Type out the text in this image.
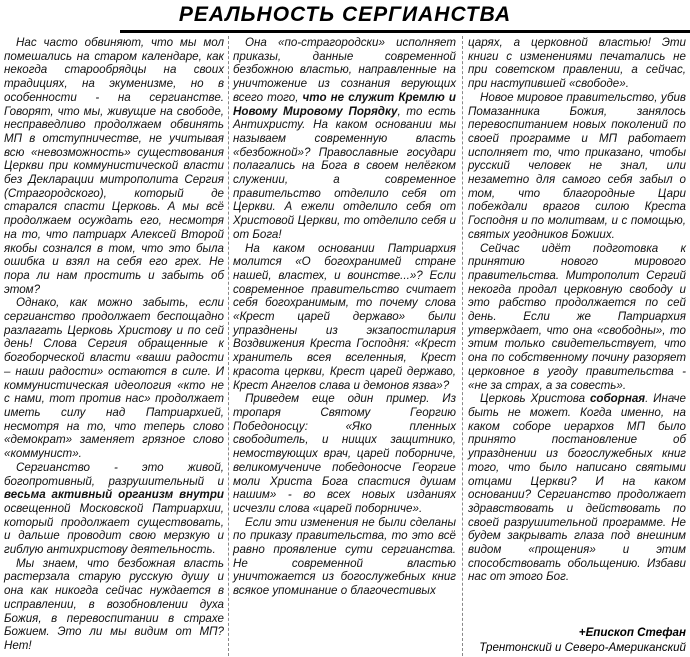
РЕАЛЬНОСТЬ СЕРГИАНСТВА

Нас часто обвиняют, что мы мол помешались на старом календаре, как некогда старообрядцы на своих традициях, на экуменизме, но в особенности - на сергианстве. Говорят, что мы, живущие на свободе, несправедливо продолжаем обвинять МП в отступничестве, не учитывая всю «невозможность» существования Церкви при коммунистической власти без Декларации митрополита Сергия (Страгородского), который де старался спасти Церковь. А мы всё продолжаем осуждать его, несмотря на то, что патриарх Алексей Второй якобы сознался в том, что это была ошибка и взял на себя его грех. Не пора ли нам простить и забыть об этом?

Однако, как можно забыть, если сергианство продолжает беспощадно разлагать Церковь Христову и по сей день! Слова Сергия обращенные к богоборческой власти «ваши радости – наши радости» остаются в силе. И коммунистическая идеология «кто не с нами, тот против нас» продолжает иметь силу над Патриархией, несмотря на то, что теперь слово «демократ» заменяет грязное слово «коммунист».

Сергианство - это живой, богопротивный, разрушительный и весьма активный организм внутри освещенной Московской Патриархии, который продолжает существовать, и дальше проводит свою мерзкую и гиблую антихристову деятельность.

Мы знаем, что безбожная власть растерзала старую русскую душу и она как никогда сейчас нуждается в исправлении, в возобновлении духа Божия, в перевоспитании в страхе Божием. Это ли мы видим от МП? Нет!

Она «по-страгородски» исполняет приказы, данные современной безбожною властью, направленные на уничтожение из сознания верующих всего того, что не служит Кремлю и Новому Мировому Порядку, то есть Антихристу. На каком основании мы называем современную власть «безбожной»? Православные государи полагались на Бога в своем нелёгком служении, а современное правительство отделило себя от Церкви. А ежели отделило себя от Христовой Церкви, то отделило себя и от Бога!

На каком основании Патриархия молится «О богохранимей стране нашей, властех, и воинстве...»? Если современное правительство считает себя богохранимым, то почему слова «Крест царей державо» были упразднены из экзапостилария Воздвижения Креста Господня: «Крест хранитель всея вселенныя, Крест красота церкви, Крест царей державо, Крест Ангелов слава и демонов язва»?

Приведем еще один пример. Из тропаря Святому Георгию Победоносцу: «Яко пленных свободитель, и нищих защитнико, немоствующих врач, царей поборниче, великомучениче победоносче Георгие моли Христа Бога спастися душам нашим» - во всех новых изданиях исчезли слова «царей поборниче».

Если эти изменения не были сделаны по приказу правительства, то это всё равно проявление сути сергианства. Не современной властью уничтожается из богослужебных книг всякое упоминание о благочестивых

царях, а церковной властью! Эти книги с изменениями печатались не при советском правлении, а сейчас, при наступившей «свободе».

Новое мировое правительство, убив Помазанника Божия, занялось перевоспитанием новых поколений по своей программе и МП работает исполняет то, что приказано, чтобы русский человек не знал, или незаметно для самого себя забыл о том, что благородные Цари побеждали врагов силою Креста Господня и по молитвам, и с помощью, святых угодников Божиих.

Сейчас идёт подготовка к принятию нового мирового правительства. Митрополит Сергий некогда продал церковную свободу и это рабство продолжается по сей день. Если же Патриархия утверждает, что она «свободны», то этим только свидетельствует, что она по собственному почину разоряет церковное в угоду правительства - «не за страх, а за совесть».

Церковь Христова соборная. Иначе быть не может. Когда именно, на каком соборе иерархов МП было принято постановление об упразднении из богослужебных книг того, что было написано святыми отцами Церкви? И на каком основании? Сергианство продолжает здравствовать и действовать по своей разрушительной программе. Не будем закрывать глаза под внешним видом «прощения» и этим способствовать обольщению. Избави нас от этого Бог.

+Епископ Стефан
Трентонский и Северо-Американский
